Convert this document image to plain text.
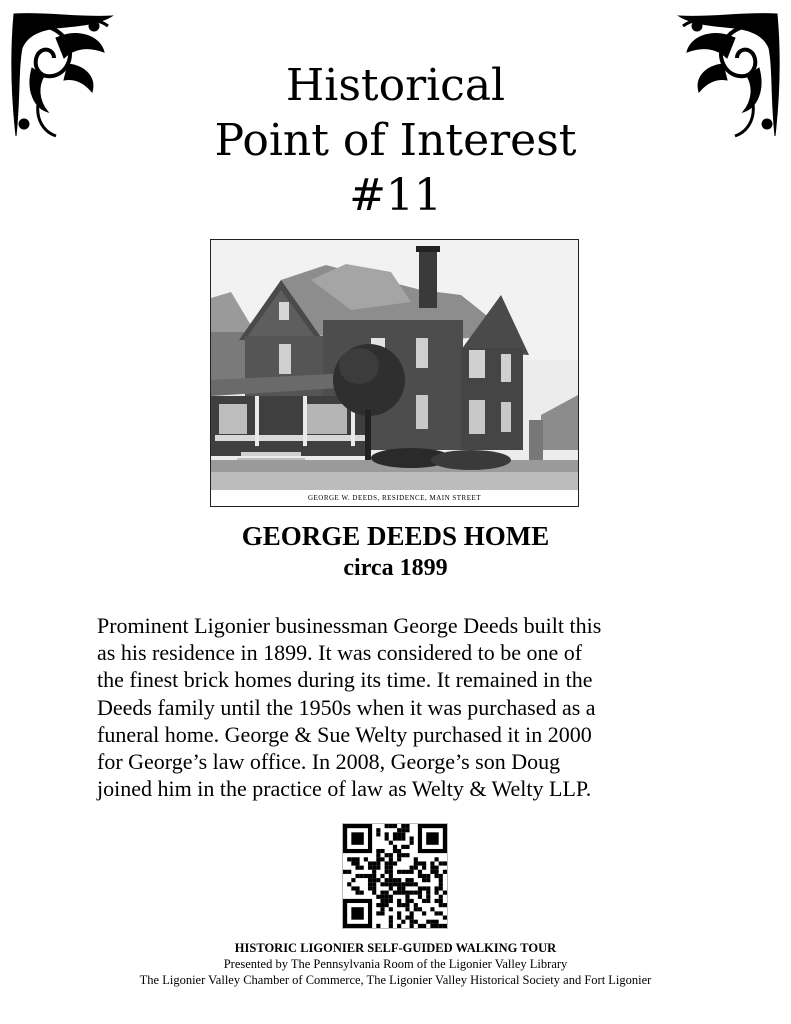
Historical
Point of Interest
#11
GEORGE W. DEEDS, RESIDENCE, MAIN STREET
GEORGE DEEDS HOME
circa 1899
Prominent Ligonier businessman George Deeds built this
as his residence in 1899. It was considered to be one of
the finest brick homes during its time. It remained in the
Deeds family until the 1950s when it was purchased as a
funeral home. George & Sue Welty purchased it in 2000
for George’s law office. In 2008, George’s son Doug
joined him in the practice of law as Welty & Welty LLP.
HISTORIC LIGONIER SELF-GUIDED WALKING TOUR
Presented by The Pennsylvania Room of the Ligonier Valley Library
The Ligonier Valley Chamber of Commerce, The Ligonier Valley Historical Society and Fort Ligonier
